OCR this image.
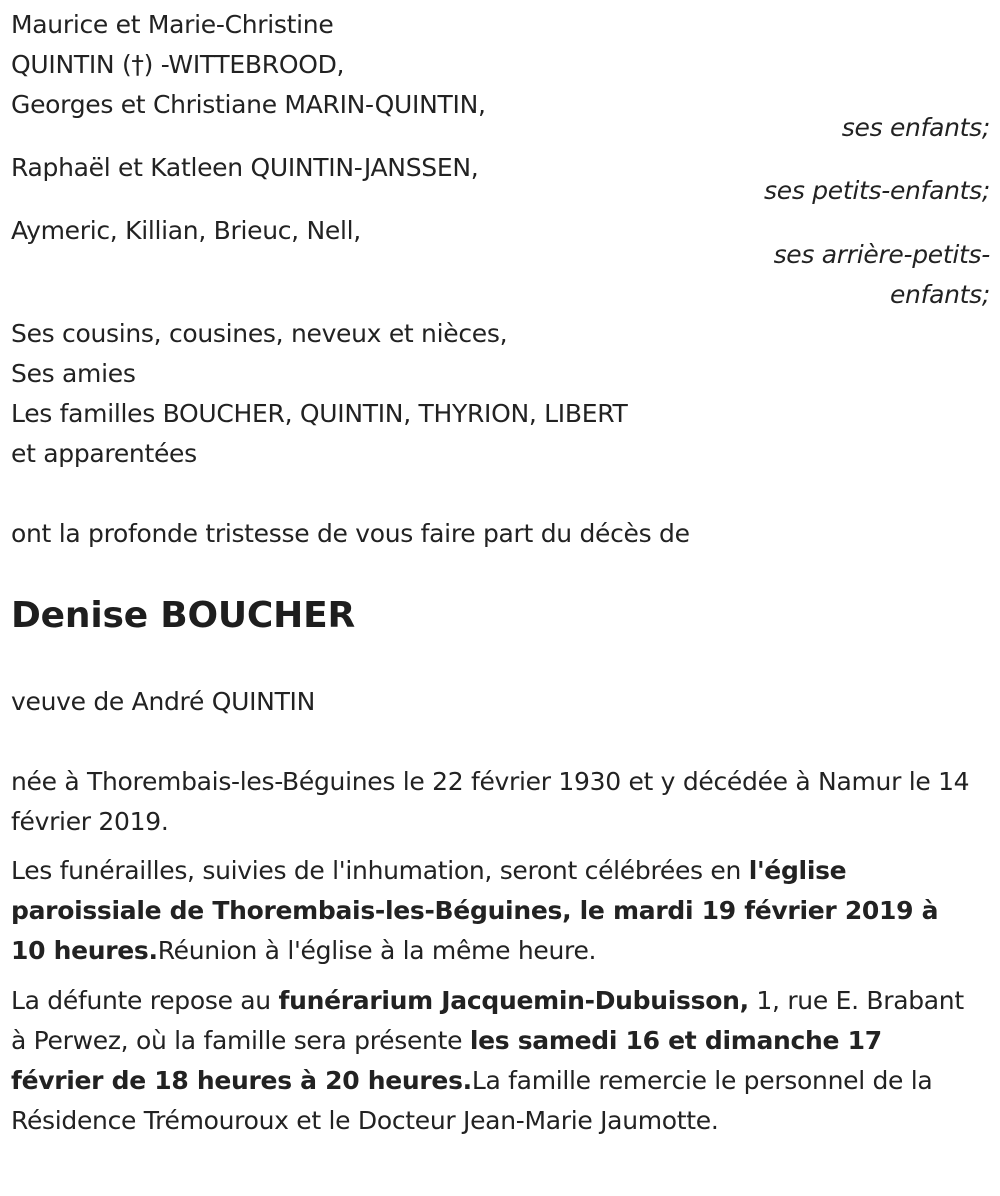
Maurice et Marie-Christine
QUINTIN (†) -WITTEBROOD,
Georges et Christiane MARIN-QUINTIN,
ses enfants;
Raphaël et Katleen QUINTIN-JANSSEN,
ses petits-enfants;
Aymeric, Killian, Brieuc, Nell,
ses arrière-petits-
enfants;
Ses cousins, cousines, neveux et nièces,
Ses amies
Les familles BOUCHER, QUINTIN, THYRION, LIBERT
et apparentées
ont la profonde tristesse de vous faire part du décès de
Denise BOUCHER
veuve de André QUINTIN
née à Thorembais-les-Béguines le 22 février 1930 et y décédée à Namur le 14 février 2019.
Les funérailles, suivies de l'inhumation, seront célébrées en l'église paroissiale de Thorembais-les-Béguines, le mardi 19 février 2019 à 10 heures.Réunion à l'église à la même heure.
La défunte repose au funérarium Jacquemin-Dubuisson, 1, rue E. Brabant à Perwez, où la famille sera présente les samedi 16 et dimanche 17 février de 18 heures à 20 heures.La famille remercie le personnel de la Résidence Trémouroux et le Docteur Jean-Marie Jaumotte.
